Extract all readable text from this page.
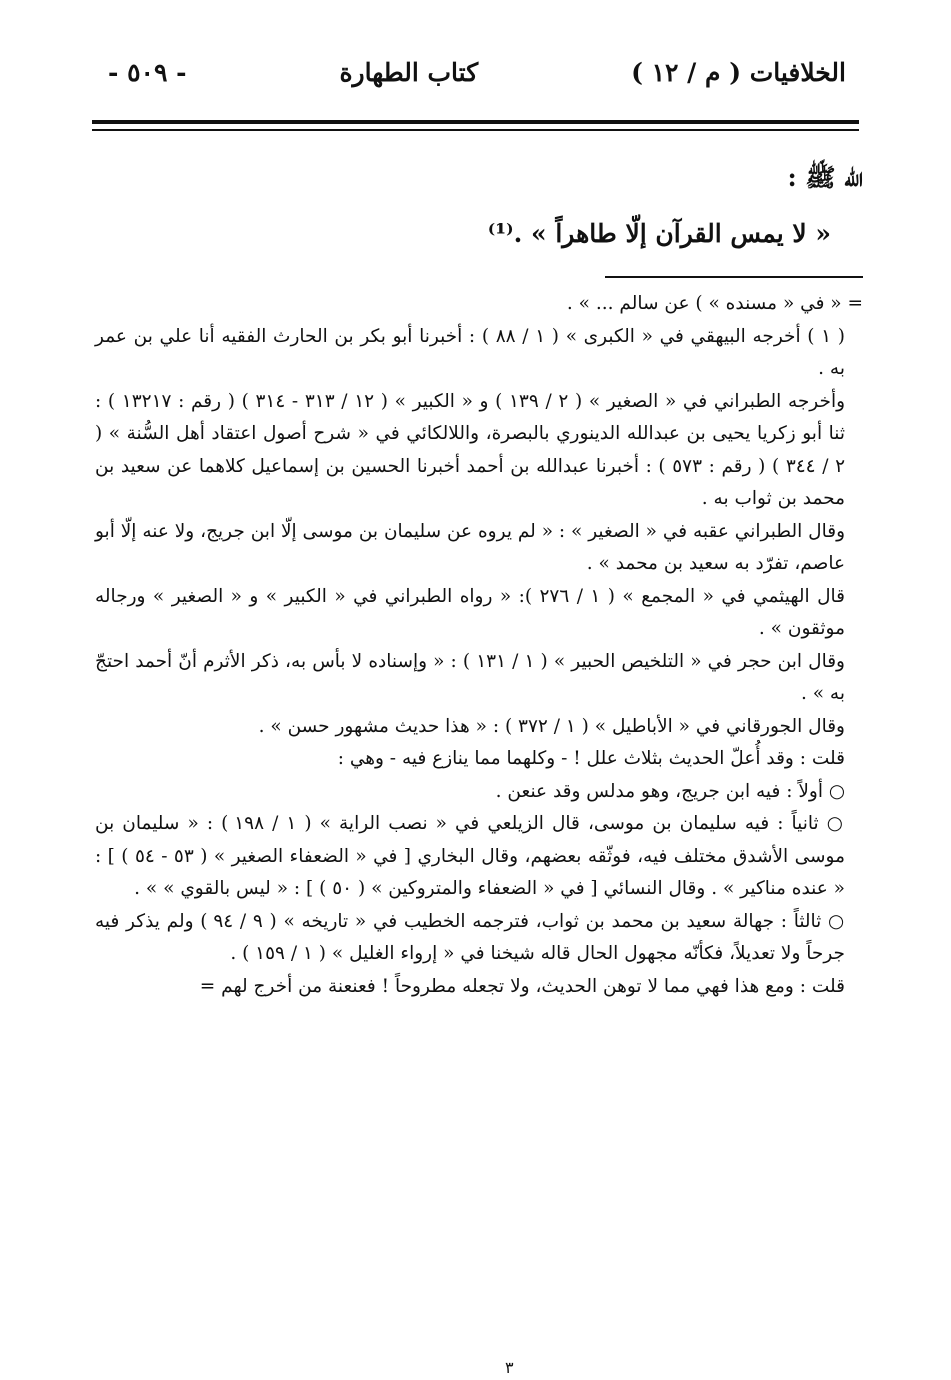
الخلافيات ( م / ١٢ )
كتاب الطهارة
- ٥٠٩ -
الله ﷺ :
« لا يمس القرآن إلّا طاهراً » .⁽¹⁾

= « في « مسنده » ) عن سالم ... » .

( ١ ) أخرجه البيهقي في « الكبرى » ( ١ / ٨٨ ) : أخبرنا أبو بكر بن الحارث الفقيه أنا علي بن عمر به .

وأخرجه الطبراني في « الصغير » ( ٢ / ١٣٩ ) و « الكبير » ( ١٢ / ٣١٣ - ٣١٤ ) ( رقم : ١٣٢١٧ ) : ثنا أبو زكريا يحيى بن عبدالله الدينوري بالبصرة، واللالكائي في « شرح أصول اعتقاد أهل السُّنة » ( ٢ / ٣٤٤ ) ( رقم : ٥٧٣ ) : أخبرنا عبدالله بن أحمد أخبرنا الحسين بن إسماعيل كلاهما عن سعيد بن محمد بن ثواب به .

وقال الطبراني عقبه في « الصغير » : « لم يروه عن سليمان بن موسى إلّا ابن جريج، ولا عنه إلّا أبو عاصم، تفرّد به سعيد بن محمد » .

قال الهيثمي في « المجمع » ( ١ / ٢٧٦ ): « رواه الطبراني في « الكبير » و « الصغير » ورجاله موثقون » .

وقال ابن حجر في « التلخيص الحبير » ( ١ / ١٣١ ) : « وإسناده لا بأس به، ذكر الأثرم أنّ أحمد احتجّ به » .

وقال الجورقاني في « الأباطيل » ( ١ / ٣٧٢ ) : « هذا حديث مشهور حسن » .

قلت : وقد أُعلّ الحديث بثلاث علل ! - وكلهما مما ينازع فيه - وهي :

○ أولاً : فيه ابن جريج، وهو مدلس وقد عنعن .

○ ثانياً : فيه سليمان بن موسى، قال الزيلعي في « نصب الراية » ( ١ / ١٩٨ ) : « سليمان بن موسى الأشدق مختلف فيه، فوثّقه بعضهم، وقال البخاري [ في « الضعفاء الصغير » ( ٥٣ - ٥٤ ) ] : « عنده مناكير » . وقال النسائي [ في « الضعفاء والمتروكين » ( ٥٠ ) ] : « ليس بالقوي » » .

○ ثالثاً : جهالة سعيد بن محمد بن ثواب، فترجمه الخطيب في « تاريخه » ( ٩ / ٩٤ ) ولم يذكر فيه جرحاً ولا تعديلاً، فكأنّه مجهول الحال قاله شيخنا في « إرواء الغليل » ( ١ / ١٥٩ ) .

قلت : ومع هذا فهي مما لا توهن الحديث، ولا تجعله مطروحاً ! فعنعنة من أخرج لهم =

٣
